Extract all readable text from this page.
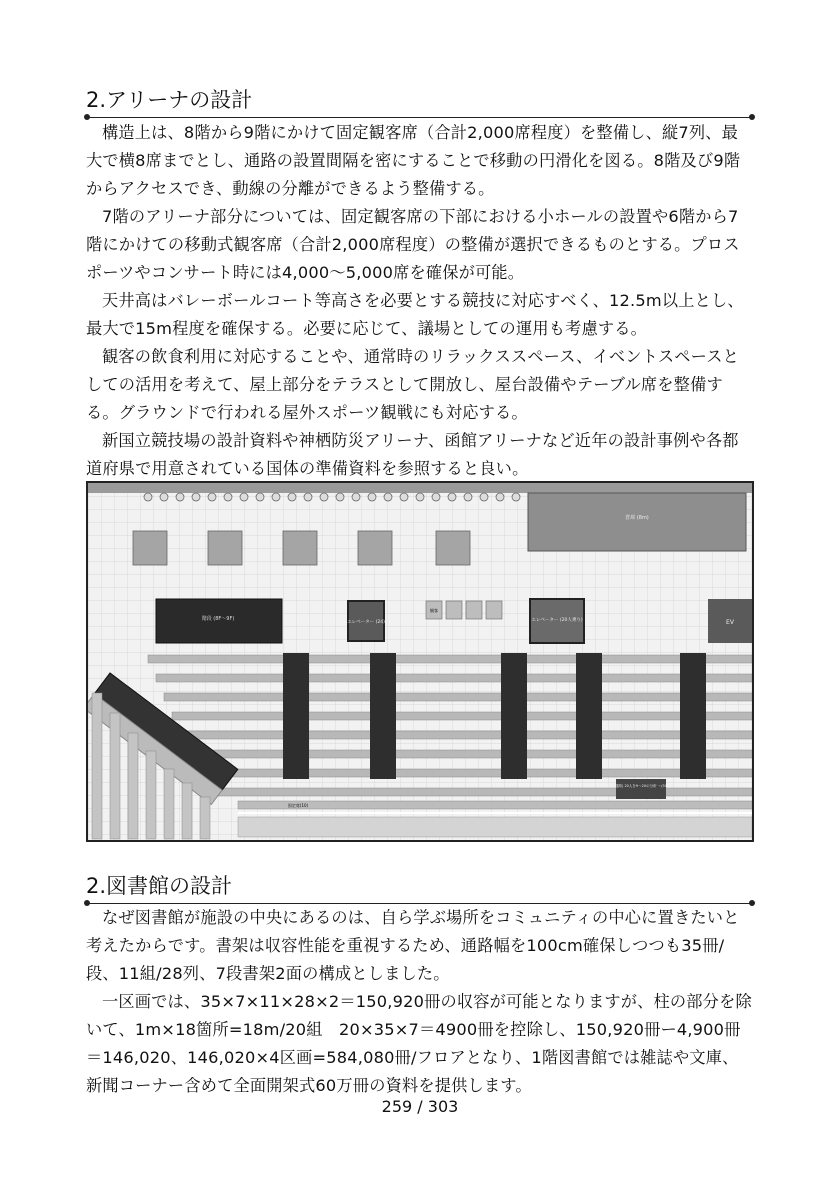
2.アリーナの設計

構造上は、8階から9階にかけて固定観客席（合計2,000席程度）を整備し、縦7列、最大で横8席までとし、通路の設置間隔を密にすることで移動の円滑化を図る。8階及び9階からアクセスでき、動線の分離ができるよう整備する。

7階のアリーナ部分については、固定観客席の下部における小ホールの設置や6階から7階にかけての移動式観客席（合計2,000席程度）の整備が選択できるものとする。プロスポーツやコンサート時には4,000〜5,000席を確保が可能。

天井高はバレーボールコート等高さを必要とする競技に対応すべく、12.5m以上とし、最大で15m程度を確保する。必要に応じて、議場としての運用も考慮する。

観客の飲食利用に対応することや、通常時のリラックススペース、イベントスペースとしての活用を考えて、屋上部分をテラスとして開放し、屋台設備やテーブル席を整備する。グラウンドで行われる屋外スポーツ観戦にも対応する。

新国立競技場の設計資料や神栖防災アリーナ、函館アリーナなど近年の設計事例や各都道府県で用意されている国体の準備資料を参照すると良い。

倉庫 (8m)
階段 (8F〜9F)
エレベーター (24)	エレベーター (20人乗り)	EV
観客
固定席(10)
(8階通路) 20人を9〜20の分析 〜(500)件
2.図書館の設計

なぜ図書館が施設の中央にあるのは、自ら学ぶ場所をコミュニティの中心に置きたいと考えたからです。書架は収容性能を重視するため、通路幅を100cm確保しつつも35冊/段、11組/28列、7段書架2面の構成としました。

一区画では、35×7×11×28×2＝150,920冊の収容が可能となりますが、柱の部分を除いて、1m×18箇所=18m/20組　20×35×7＝4900冊を控除し、150,920冊ー4,900冊＝146,020、146,020×4区画=584,080冊/フロアとなり、1階図書館では雑誌や文庫、新聞コーナー含めて全面開架式60万冊の資料を提供します。

259 / 303
